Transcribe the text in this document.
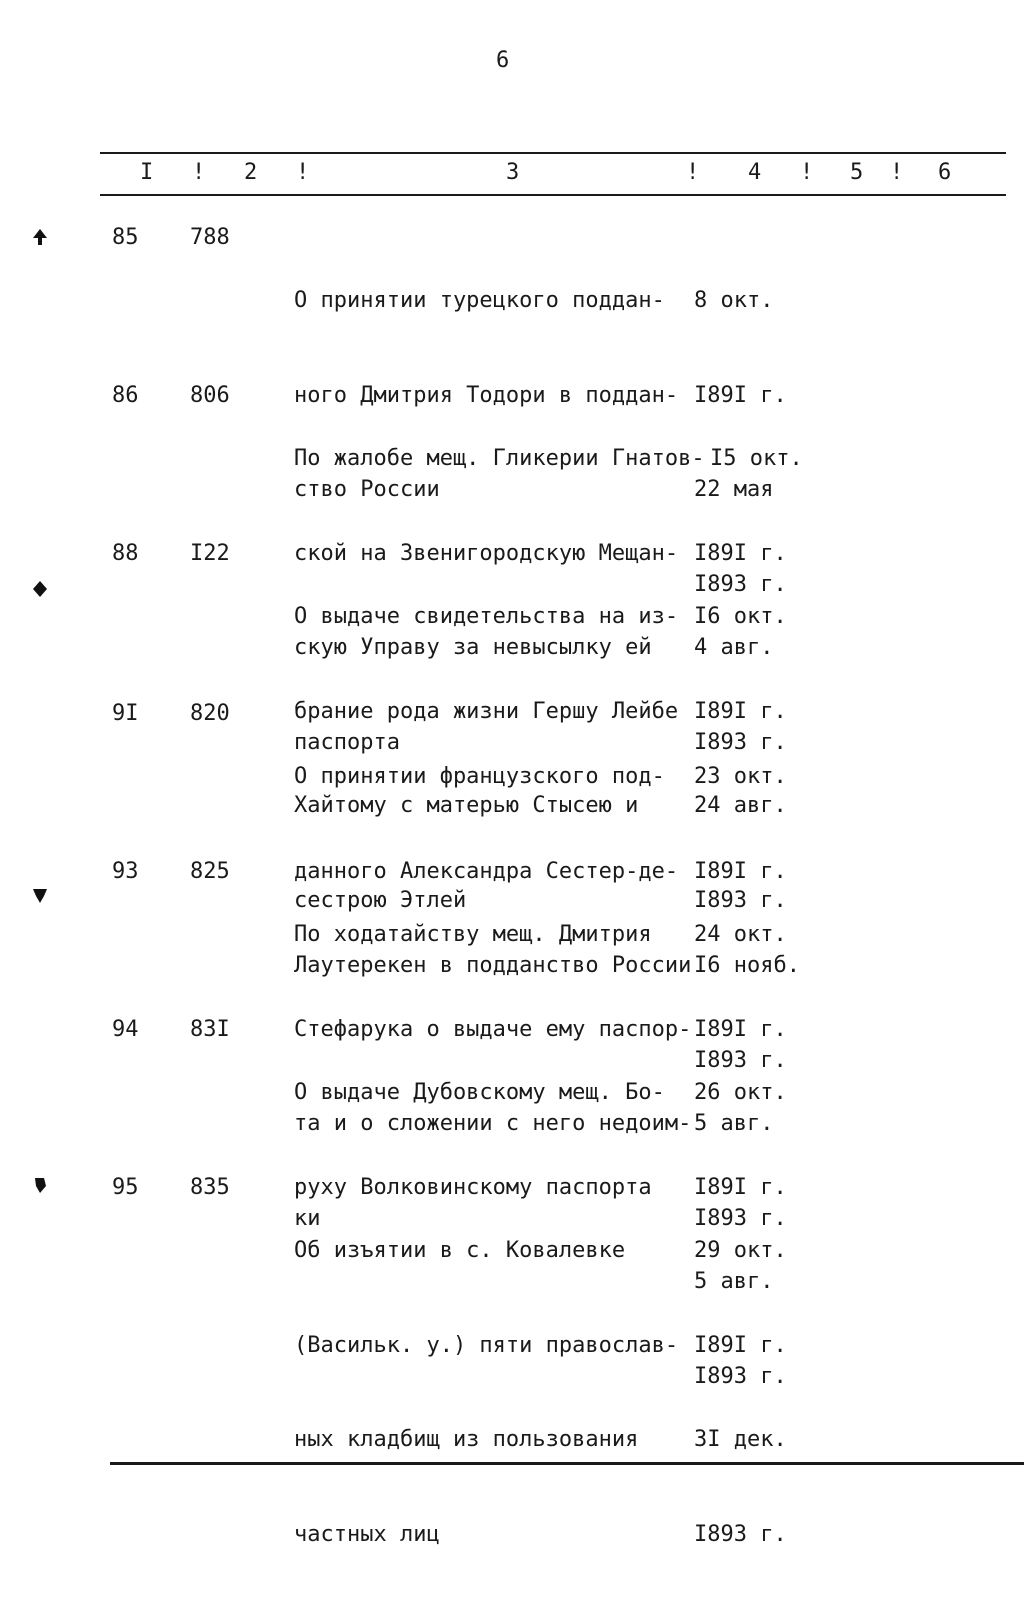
6
I ! 2 !	3	! 4 ! 5 ! 6
85 788

О принятии турецкого поддан-

ного Дмитрия Тодори в поддан-

ство России

8 окт.

I89I г.

22 мая

I893 г.

86 806

По жалобе мещ. Гликерии Гнатов-

ской на Звенигородскую Мещан-

скую Управу за невысылку ей

паспорта

I5 окт.

I89I г.

4 авг.

I893 г.

88 I22

О выдаче свидетельства на из-

брание рода жизни Гершу Лейбе

Хайтому с матерью Стысею и

сестрою Этлей

I6 окт.

I89I г.

24 авг.

I893 г.

9I 820

О принятии французского под-

данного Александра Сестер-де-

Лаутерекен в подданство России

23 окт.

I89I г.

I6 нояб.

I893 г.

93 825

По ходатайству мещ. Дмитрия

Стефарука о выдаче ему паспор-

та и о сложении с него недоим-

ки

24 окт.

I89I г.

5 авг.

I893 г.

94 83I

О выдаче Дубовскому мещ. Бо-

руху Волковинскому паспорта

26 окт.

I89I г.

5 авг.

I893 г.

95 835

Об изъятии в с. Ковалевке

(Васильк. у.) пяти православ-

ных кладбищ из пользования

частных лиц

29 окт.

I89I г.

3I дек.

I893 г.
